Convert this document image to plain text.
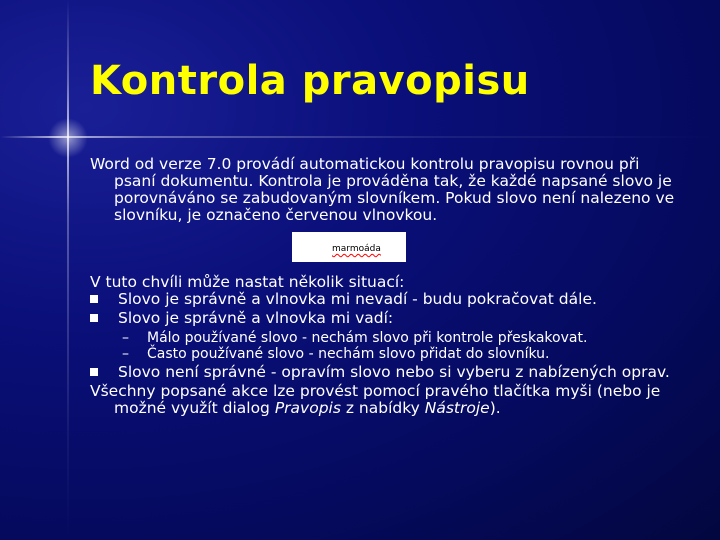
Kontrola pravopisu

Word od verze 7.0 provádí automatickou kontrolu pravopisu rovnou při psaní dokumentu. Kontrola je prováděna tak, že každé napsané slovo je porovnáváno se zabudovaným slovníkem. Pokud slovo není nalezeno ve slovníku, je označeno červenou vlnovkou.

marmoáda

V tuto chvíli může nastat několik situací:

Slovo je správně a vlnovka mi nevadí - budu pokračovat dále.
Slovo je správně a vlnovka mi vadí:

– Málo používané slovo - nechám slovo při kontrole přeskakovat.

– Často používané slovo - nechám slovo přidat do slovníku.

Slovo není správné - opravím slovo nebo si vyberu z nabízených oprav.

Všechny popsané akce lze provést pomocí pravého tlačítka myši (nebo je možné využít dialog Pravopis z nabídky Nástroje).
